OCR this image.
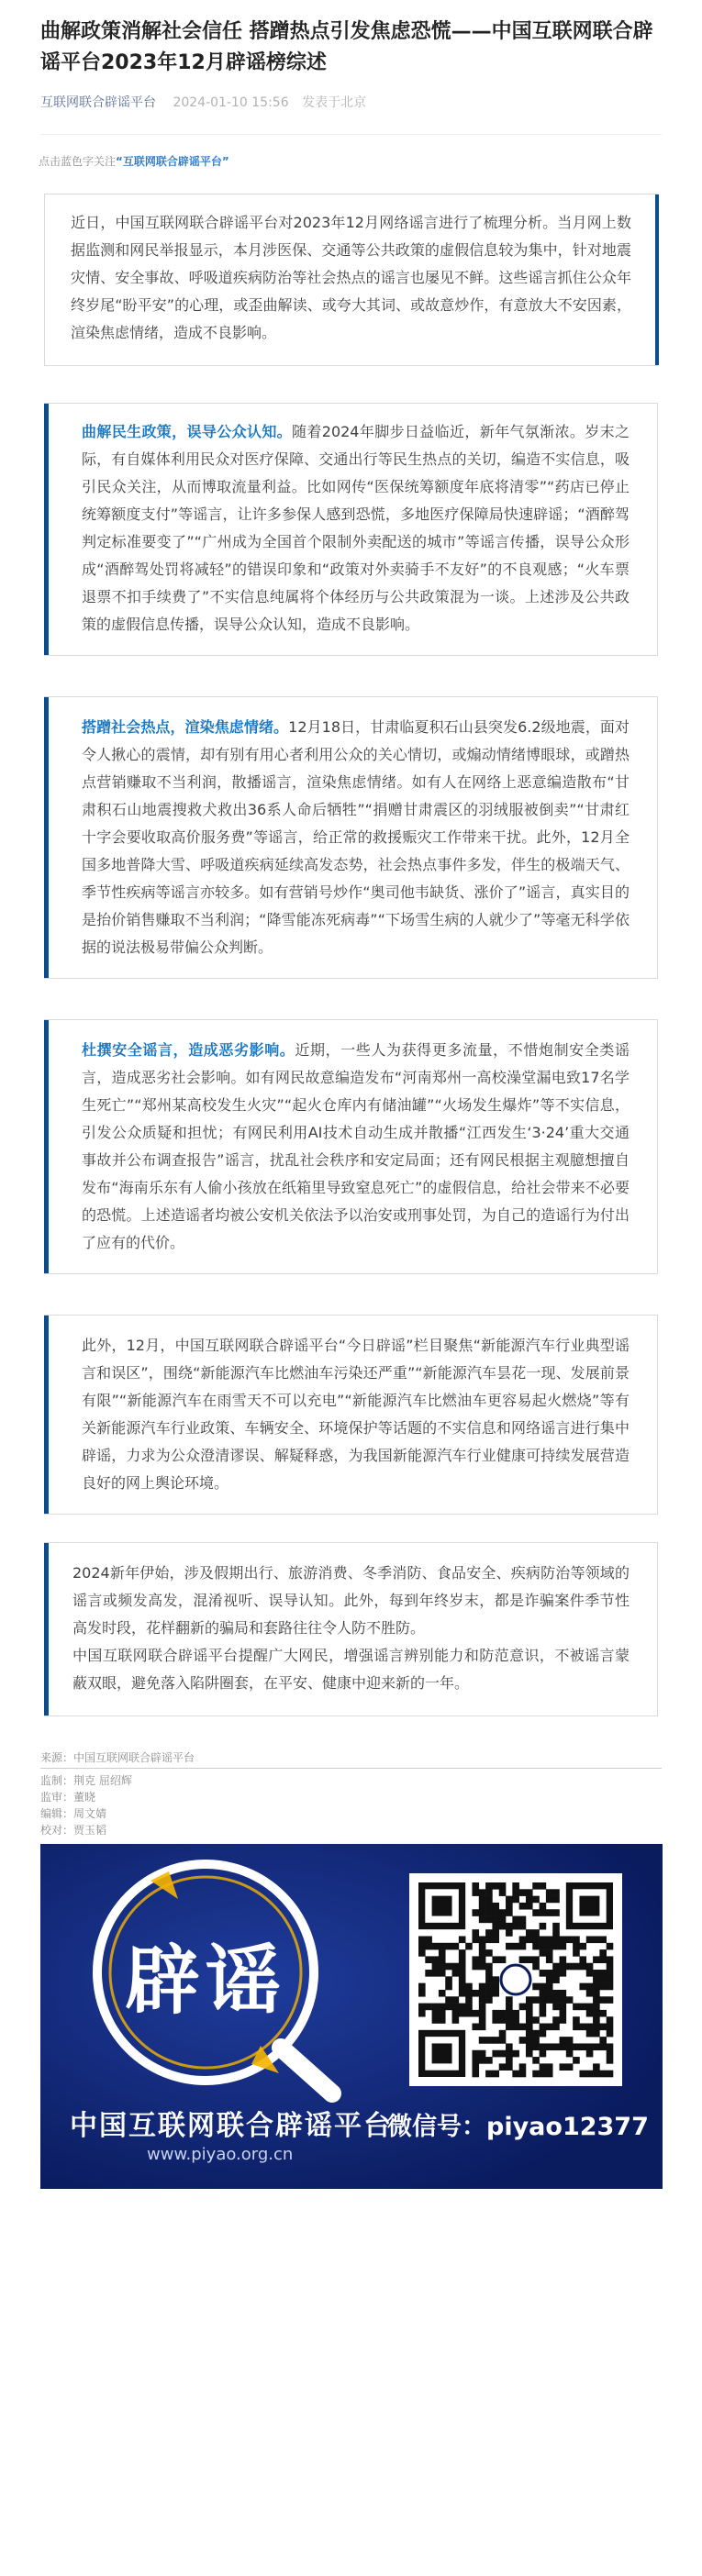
曲解政策消解社会信任 搭蹭热点引发焦虑恐慌——中国互联网联合辟谣平台2023年12月辟谣榜综述
互联网联合辟谣平台 2024-01-10 15:56 发表于北京
点击蓝色字关注“互联网联合辟谣平台”

近日，中国互联网联合辟谣平台对2023年12月网络谣言进行了梳理分析。当月网上数据监测和网民举报显示，本月涉医保、交通等公共政策的虚假信息较为集中，针对地震灾情、安全事故、呼吸道疾病防治等社会热点的谣言也屡见不鲜。这些谣言抓住公众年终岁尾“盼平安”的心理，或歪曲解读、或夸大其词、或故意炒作，有意放大不安因素，渲染焦虑情绪，造成不良影响。

曲解民生政策，误导公众认知。随着2024年脚步日益临近，新年气氛渐浓。岁末之际，有自媒体利用民众对医疗保障、交通出行等民生热点的关切，编造不实信息，吸引民众关注，从而博取流量利益。比如网传“医保统筹额度年底将清零”“药店已停止统筹额度支付”等谣言，让许多参保人感到恐慌，多地医疗保障局快速辟谣；“酒醉驾判定标准要变了”“广州成为全国首个限制外卖配送的城市”等谣言传播，误导公众形成“酒醉驾处罚将减轻”的错误印象和“政策对外卖骑手不友好”的不良观感；“火车票退票不扣手续费了”不实信息纯属将个体经历与公共政策混为一谈。上述涉及公共政策的虚假信息传播，误导公众认知，造成不良影响。

搭蹭社会热点，渲染焦虑情绪。12月18日，甘肃临夏积石山县突发6.2级地震，面对令人揪心的震情，却有别有用心者利用公众的关心情切，或煽动情绪博眼球，或蹭热点营销赚取不当利润，散播谣言，渲染焦虑情绪。如有人在网络上恶意编造散布“甘肃积石山地震搜救犬救出36系人命后牺牲”“捐赠甘肃震区的羽绒服被倒卖”“甘肃红十字会要收取高价服务费”等谣言，给正常的救援赈灾工作带来干扰。此外，12月全国多地普降大雪、呼吸道疾病延续高发态势，社会热点事件多发，伴生的极端天气、季节性疾病等谣言亦较多。如有营销号炒作“奥司他韦缺货、涨价了”谣言，真实目的是抬价销售赚取不当利润；“降雪能冻死病毒”“下场雪生病的人就少了”等毫无科学依据的说法极易带偏公众判断。

杜撰安全谣言，造成恶劣影响。近期，一些人为获得更多流量，不惜炮制安全类谣言，造成恶劣社会影响。如有网民故意编造发布“河南郑州一高校澡堂漏电致17名学生死亡”“郑州某高校发生火灾”“起火仓库内有储油罐”“火场发生爆炸”等不实信息，引发公众质疑和担忧；有网民利用AI技术自动生成并散播“江西发生‘3·24’重大交通事故并公布调查报告”谣言，扰乱社会秩序和安定局面；还有网民根据主观臆想擅自发布“海南乐东有人偷小孩放在纸箱里导致窒息死亡”的虚假信息，给社会带来不必要的恐慌。上述造谣者均被公安机关依法予以治安或刑事处罚，为自己的造谣行为付出了应有的代价。

此外，12月，中国互联网联合辟谣平台“今日辟谣”栏目聚焦“新能源汽车行业典型谣言和误区”，围绕“新能源汽车比燃油车污染还严重”“新能源汽车昙花一现、发展前景有限”“新能源汽车在雨雪天不可以充电”“新能源汽车比燃油车更容易起火燃烧”等有关新能源汽车行业政策、车辆安全、环境保护等话题的不实信息和网络谣言进行集中辟谣，力求为公众澄清谬误、解疑释惑，为我国新能源汽车行业健康可持续发展营造良好的网上舆论环境。

2024新年伊始，涉及假期出行、旅游消费、冬季消防、食品安全、疾病防治等领域的谣言或频发高发，混淆视听、误导认知。此外，每到年终岁末，都是诈骗案件季节性高发时段，花样翻新的骗局和套路往往令人防不胜防。

中国互联网联合辟谣平台提醒广大网民，增强谣言辨别能力和防范意识，不被谣言蒙蔽双眼，避免落入陷阱圈套，在平安、健康中迎来新的一年。

来源：中国互联网联合辟谣平台
监制：荆克 屈绍辉
监审：董晓
编辑：周文婧
校对：贾玉韬
辟谣
中国互联网联合辟谣平台
www.piyao.org.cn
微信号：piyao12377
